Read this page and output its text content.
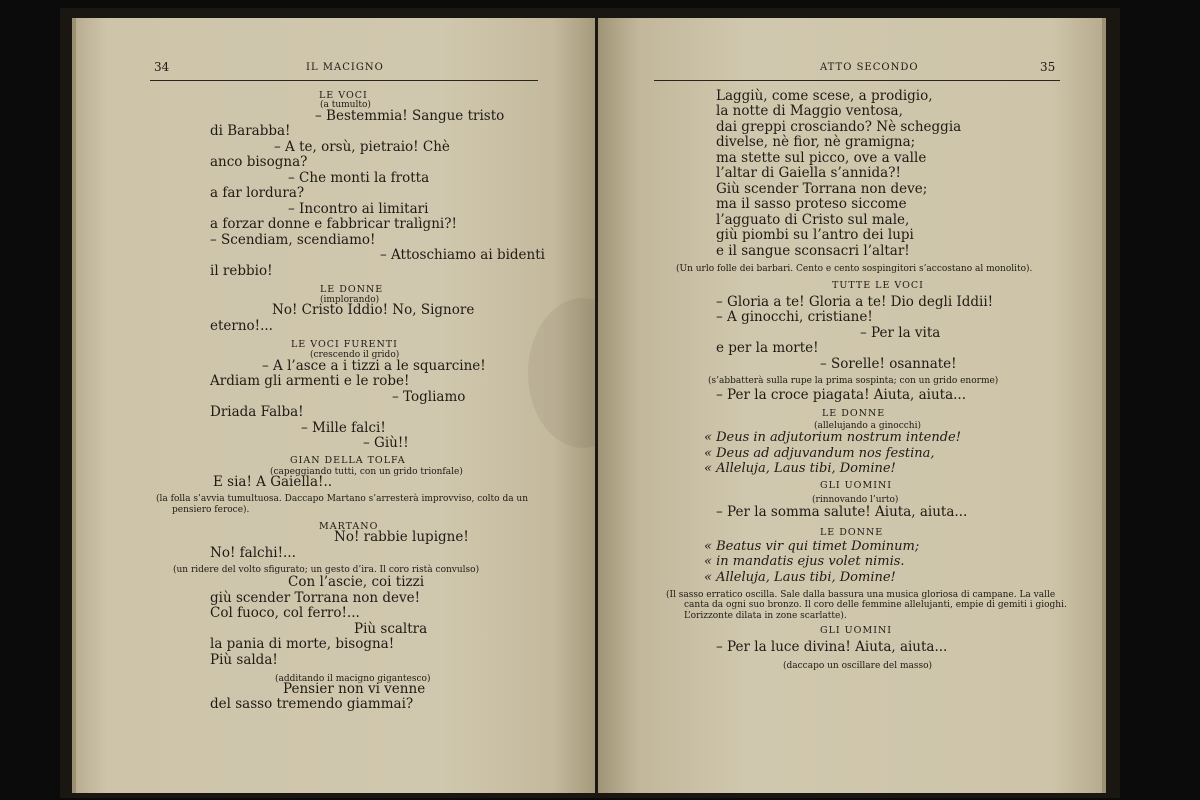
34	IL MACIGNO
LE VOCI
(a tumulto)
– Bestemmia! Sangue tristo
di Barabba!
– A te, orsù, pietraio! Chè
anco bisogna?
– Che monti la frotta
a far lordura?
– Incontro ai limitari
a forzar donne e fabbricar tralìgni?!
– Scendiam, scendiamo!
– Attoschiamo ai bidenti
il rebbio!
LE DONNE
(implorando)
No! Cristo Iddio! No, Signore
eterno!...
LE VOCI FURENTI
(crescendo il grido)
– A l’asce a i tizzi a le squarcine!
Ardiam gli armenti e le robe!
– Togliamo
Driada Falba!
– Mille falci!
– Giù!!
GIAN DELLA TOLFA
(capeggiando tutti, con un grido trionfale)
E sia! A Gaiella!..
(la folla s’avvia tumultuosa. Daccapo Martano s’arresterà improvviso, colto da un
pensiero feroce).
MARTANO
No! rabbie lupigne!
No! falchi!...
(un ridere del volto sfigurato; un gesto d’ira. Il coro ristà convulso)
Con l’ascie, coi tizzi
giù scender Torrana non deve!
Col fuoco, col ferro!...
Più scaltra
la pania di morte, bisogna!
Più salda!
(additando il macigno gigantesco)
Pensier non vi venne
del sasso tremendo giammai?
ATTO SECONDO	35
Laggiù, come scese, a prodigio,
la notte di Maggio ventosa,
dai greppi crosciando? Nè scheggia
divelse, nè fior, nè gramigna;
ma stette sul picco, ove a valle
l’altar di Gaiella s’annida?!
Giù scender Torrana non deve;
ma il sasso proteso siccome
l’agguato di Cristo sul male,
giù piombi su l’antro dei lupi
e il sangue sconsacri l’altar!
(Un urlo folle dei barbari. Cento e cento sospingitori s’accostano al monolito).
TUTTE LE VOCI
– Gloria a te! Gloria a te! Dio degli Iddii!
– A ginocchi, cristiane!
– Per la vita
e per la morte!
– Sorelle! osannate!
(s’abbatterà sulla rupe la prima sospinta; con un grido enorme)
– Per la croce piagata! Aiuta, aiuta...
LE DONNE
(allelujando a ginocchi)
« Deus in adjutorium nostrum intende!
« Deus ad adjuvandum nos festina,
« Alleluja, Laus tibi, Domine!
GLI UOMINI
(rinnovando l’urto)
– Per la somma salute! Aiuta, aiuta...
LE DONNE
« Beatus vir qui timet Dominum;
« in mandatis ejus volet nimis.
« Alleluja, Laus tibi, Domine!
(Il sasso erratico oscilla. Sale dalla bassura una musica gloriosa di campane. La valle
canta da ogni suo bronzo. Il coro delle femmine allelujanti, empie di gemiti i gioghi.
L’orizzonte dilata in zone scarlatte).
GLI UOMINI
– Per la luce divina! Aiuta, aiuta...
(daccapo un oscillare del masso)
